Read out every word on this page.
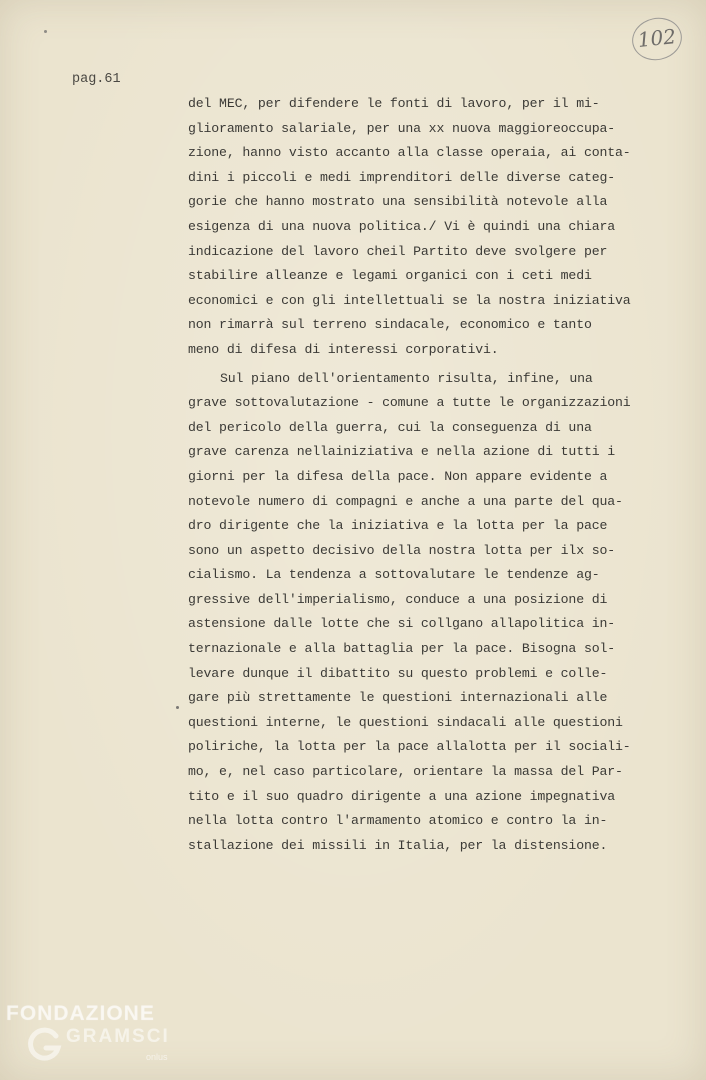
102
pag.61
del MEC, per difendere le fonti di lavoro, per il mi-
glioramento salariale, per una xx nuova maggioreoccupa-
zione, hanno visto accanto alla classe operaia, ai conta-
dini i piccoli e medi imprenditori delle diverse categ-
gorie che hanno mostrato una sensibilità notevole alla
esigenza di una nuova politica./ Vi è quindi una chiara
indicazione del lavoro cheil Partito deve svolgere per
stabilire alleanze e legami organici con i ceti medi
economici e con gli intellettuali se la nostra iniziativa
non rimarrà sul terreno sindacale, economico e tanto
meno di difesa di interessi corporativi.
Sul piano dell'orientamento risulta, infine, una
grave sottovalutazione - comune a tutte le organizzazioni
del pericolo della guerra, cui la conseguenza di una
grave carenza nellainiziativa e nella azione di tutti i
giorni per la difesa della pace. Non appare evidente a
notevole numero di compagni e anche a una parte del qua-
dro dirigente che la iniziativa e la lotta per la pace
sono un aspetto decisivo della nostra lotta per ilx so-
cialismo. La tendenza a sottovalutare le tendenze ag-
gressive dell'imperialismo, conduce a una posizione di
astensione dalle lotte che si collgano allapolitica in-
ternazionale e alla battaglia per la pace. Bisogna sol-
levare dunque il dibattito su questo problemi e colle-
gare più strettamente le questioni internazionali alle
questioni interne, le questioni sindacali alle questioni
poliriche, la lotta per la pace allalotta per il sociali-
mo, e, nel caso particolare, orientare la massa del Par-
tito e il suo quadro dirigente a una azione impegnativa
nella lotta contro l'armamento atomico e contro la in-
stallazione dei missili in Italia, per la distensione.
FONDAZIONE
GRAMSCI
onlus
